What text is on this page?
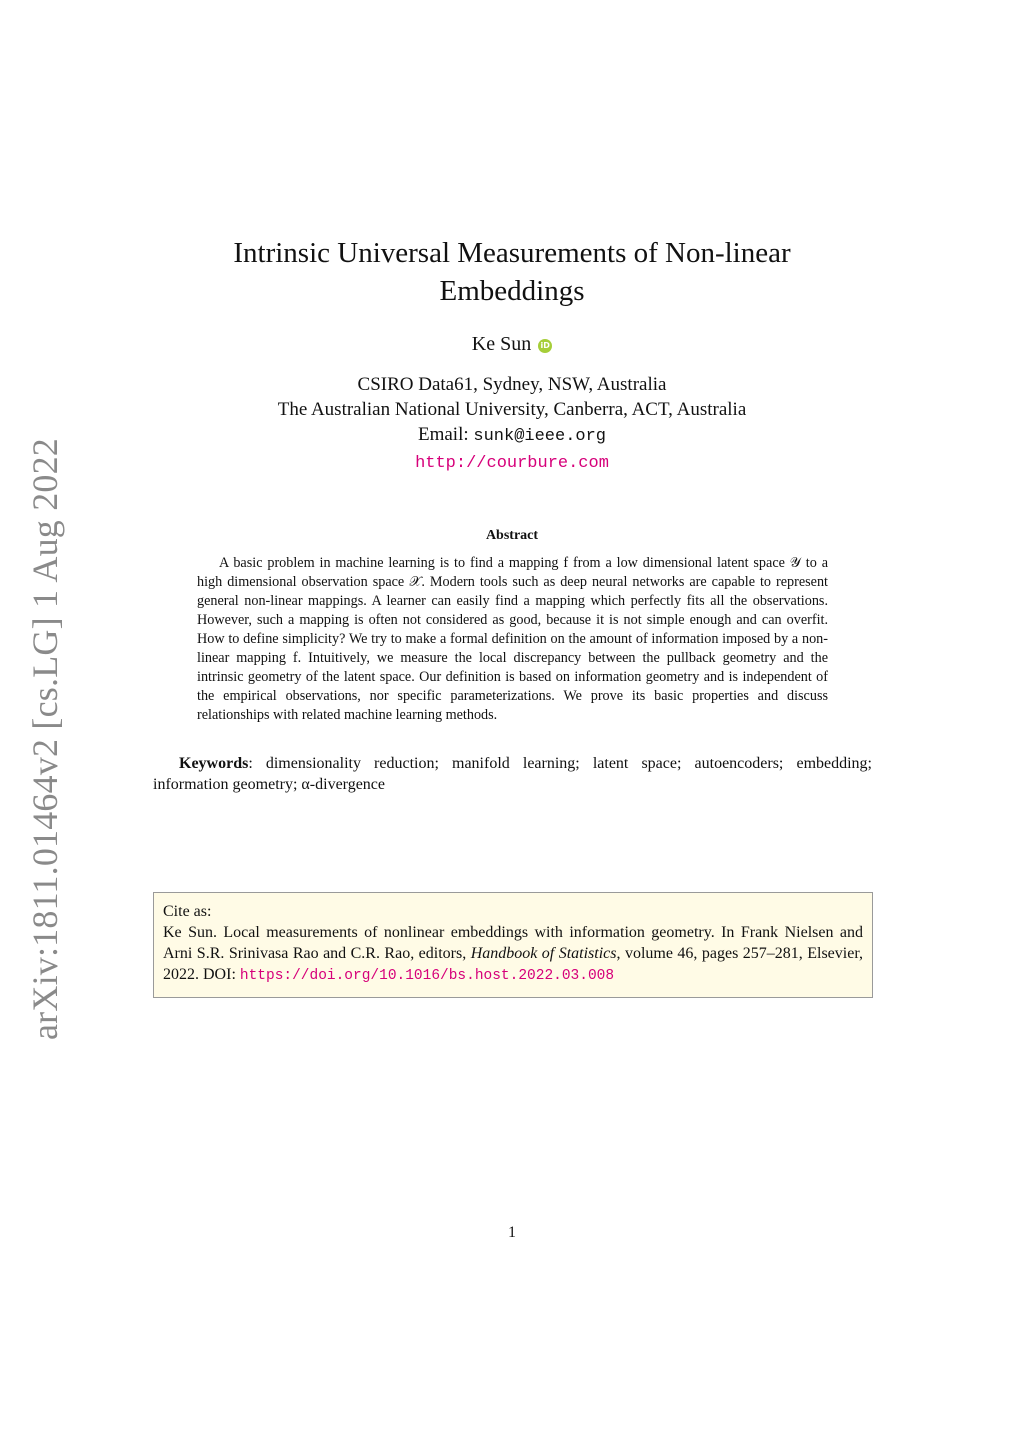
arXiv:1811.01464v2 [cs.LG] 1 Aug 2022
Intrinsic Universal Measurements of Non-linear
Embeddings
Ke Sun iD
CSIRO Data61, Sydney, NSW, Australia
The Australian National University, Canberra, ACT, Australia
Email: sunk@ieee.org
http://courbure.com
Abstract
A basic problem in machine learning is to find a mapping f from a low dimensional latent space 𝒴 to a high dimensional observation space 𝒳. Modern tools such as deep neural networks are capable to represent general non-linear mappings. A learner can easily find a mapping which perfectly fits all the observations. However, such a mapping is often not considered as good, because it is not simple enough and can overfit. How to define simplicity? We try to make a formal definition on the amount of information imposed by a non-linear mapping f. Intuitively, we measure the local discrepancy between the pullback geometry and the intrinsic geometry of the latent space. Our definition is based on information geometry and is independent of the empirical observations, nor specific parameterizations. We prove its basic properties and discuss relationships with related machine learning methods.
Keywords: dimensionality reduction; manifold learning; latent space; autoencoders; embedding; information geometry; α-divergence
Cite as:
Ke Sun. Local measurements of nonlinear embeddings with information geometry. In Frank Nielsen and Arni S.R. Srinivasa Rao and C.R. Rao, editors, Handbook of Statistics, volume 46, pages 257–281, Elsevier, 2022. DOI: https://doi.org/10.1016/bs.host.2022.03.008
1
